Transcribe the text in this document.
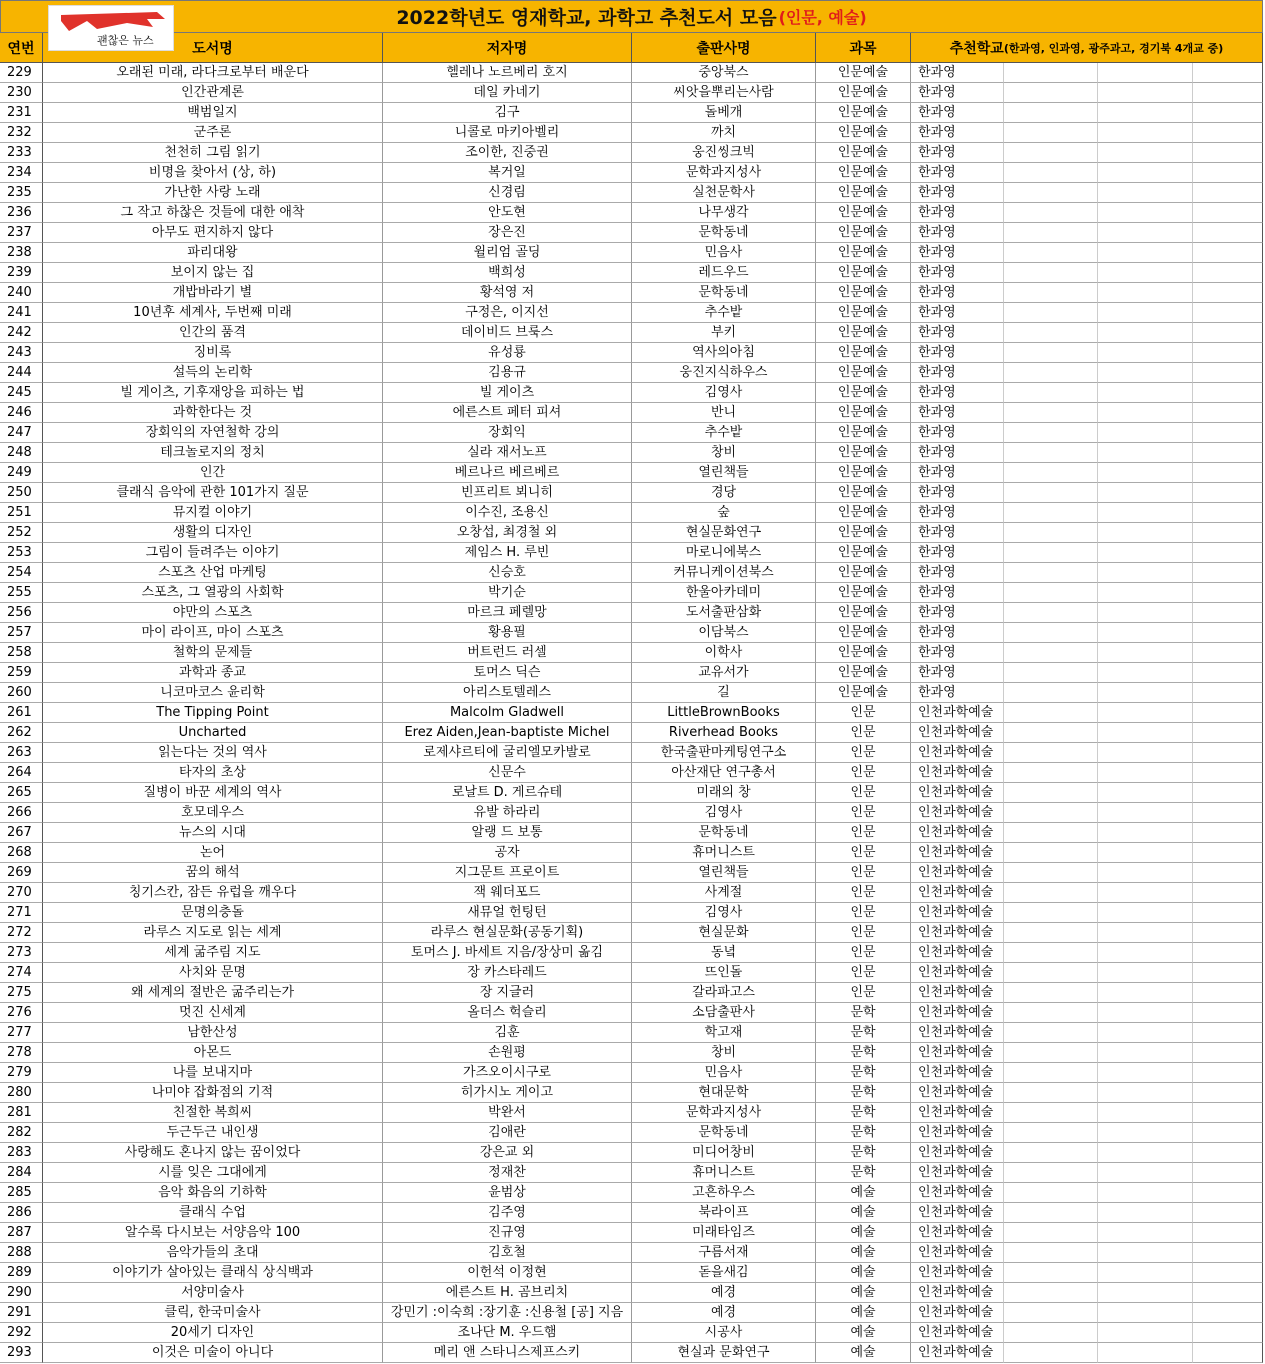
2022학년도 영재학교, 과학고 추천도서 모음 (인문, 예술)
괜찮은 뉴스
연번	도서명	저자명	출판사명	과목	추천학교 (한과영, 인과영, 광주과고, 경기북 4개교 중)
229	오래된 미래, 라다크로부터 배운다	헬레나 노르베리 호지	중앙북스	인문예술	한과영
230	인간관계론	데일 카네기	씨앗을뿌리는사람	인문예술	한과영
231	백범일지	김구	돌베개	인문예술	한과영
232	군주론	니콜로 마키아벨리	까치	인문예술	한과영
233	천천히 그림 읽기	조이한, 진중권	웅진씽크빅	인문예술	한과영
234	비명을 찾아서 (상, 하)	복거일	문학과지성사	인문예술	한과영
235	가난한 사랑 노래	신경림	실천문학사	인문예술	한과영
236	그 작고 하찮은 것들에 대한 애착	안도현	나무생각	인문예술	한과영
237	아무도 편지하지 않다	장은진	문학동네	인문예술	한과영
238	파리대왕	윌리엄 골딩	민음사	인문예술	한과영
239	보이지 않는 집	백희성	레드우드	인문예술	한과영
240	개밥바라기 별	황석영 저	문학동네	인문예술	한과영
241	10년후 세계사, 두번째 미래	구정은, 이지선	추수밭	인문예술	한과영
242	인간의 품격	데이비드 브룩스	부키	인문예술	한과영
243	징비록	유성룡	역사의아침	인문예술	한과영
244	설득의 논리학	김용규	웅진지식하우스	인문예술	한과영
245	빌 게이츠, 기후재앙을 피하는 법	빌 게이츠	김영사	인문예술	한과영
246	과학한다는 것	에른스트 페터 피셔	반니	인문예술	한과영
247	장회익의 자연철학 강의	장회익	추수밭	인문예술	한과영
248	테크놀로지의 정치	실라 재서노프	창비	인문예술	한과영
249	인간	베르나르 베르베르	열린책들	인문예술	한과영
250	클래식 음악에 관한 101가지 질문	빈프리트 뵈니히	경당	인문예술	한과영
251	뮤지컬 이야기	이수진, 조용신	숲	인문예술	한과영
252	생활의 디자인	오창섭, 최경철 외	현실문화연구	인문예술	한과영
253	그림이 들려주는 이야기	제임스 H. 루빈	마로니에북스	인문예술	한과영
254	스포츠 산업 마케팅	신승호	커뮤니케이션북스	인문예술	한과영
255	스포츠, 그 열광의 사회학	박기순	한울아카데미	인문예술	한과영
256	야만의 스포츠	마르크 페렐망	도서출판삼화	인문예술	한과영
257	마이 라이프, 마이 스포츠	황용필	이담북스	인문예술	한과영
258	철학의 문제들	버트런드 러셀	이학사	인문예술	한과영
259	과학과 종교	토머스 딕슨	교유서가	인문예술	한과영
260	니코마코스 윤리학	아리스토텔레스	길	인문예술	한과영
261	The Tipping Point	Malcolm Gladwell	LittleBrownBooks	인문	인천과학예술
262	Uncharted	Erez Aiden,Jean-baptiste Michel	Riverhead Books	인문	인천과학예술
263	읽는다는 것의 역사	로제샤르티에 굴리엘모카발로	한국출판마케팅연구소	인문	인천과학예술
264	타자의 초상	신문수	아산재단 연구총서	인문	인천과학예술
265	질병이 바꾼 세계의 역사	로날트 D. 게르슈테	미래의 창	인문	인천과학예술
266	호모데우스	유발 하라리	김영사	인문	인천과학예술
267	뉴스의 시대	알랭 드 보통	문학동네	인문	인천과학예술
268	논어	공자	휴머니스트	인문	인천과학예술
269	꿈의 해석	지그문트 프로이트	열린책들	인문	인천과학예술
270	칭기스칸, 잠든 유럽을 깨우다	잭 웨더포드	사계절	인문	인천과학예술
271	문명의충돌	새뮤얼 헌팅턴	김영사	인문	인천과학예술
272	라루스 지도로 읽는 세계	라루스 현실문화(공동기획)	현실문화	인문	인천과학예술
273	세계 굶주림 지도	토머스 J. 바세트 지음/장상미 옮김	동녘	인문	인천과학예술
274	사치와 문명	장 카스타레드	뜨인돌	인문	인천과학예술
275	왜 세계의 절반은 굶주리는가	장 지글러	갈라파고스	인문	인천과학예술
276	멋진 신세계	올더스 헉슬리	소담출판사	문학	인천과학예술
277	남한산성	김훈	학고재	문학	인천과학예술
278	아몬드	손원평	창비	문학	인천과학예술
279	나를 보내지마	가즈오이시구로	민음사	문학	인천과학예술
280	나미야 잡화점의 기적	히가시노 게이고	현대문학	문학	인천과학예술
281	친절한 복희씨	박완서	문학과지성사	문학	인천과학예술
282	두근두근 내인생	김애란	문학동네	문학	인천과학예술
283	사랑해도 혼나지 않는 꿈이었다	강은교 외	미디어창비	문학	인천과학예술
284	시를 잊은 그대에게	정재찬	휴머니스트	문학	인천과학예술
285	음악 화음의 기하학	윤범상	고흔하우스	예술	인천과학예술
286	클래식 수업	김주영	북라이프	예술	인천과학예술
287	알수록 다시보는 서양음악 100	진규영	미래타임즈	예술	인천과학예술
288	음악가들의 초대	김호철	구름서재	예술	인천과학예술
289	이야기가 살아있는 클래식 상식백과	이헌석 이정현	돋을새김	예술	인천과학예술
290	서양미술사	에른스트 H. 곰브리치	예경	예술	인천과학예술
291	클릭, 한국미술사	강민기 :이숙희 :장기훈 :신용철 [공] 지음	예경	예술	인천과학예술
292	20세기 디자인	조나단 M. 우드햄	시공사	예술	인천과학예술
293	이것은 미술이 아니다	메리 앤 스타니스제프스키	현실과 문화연구	예술	인천과학예술
